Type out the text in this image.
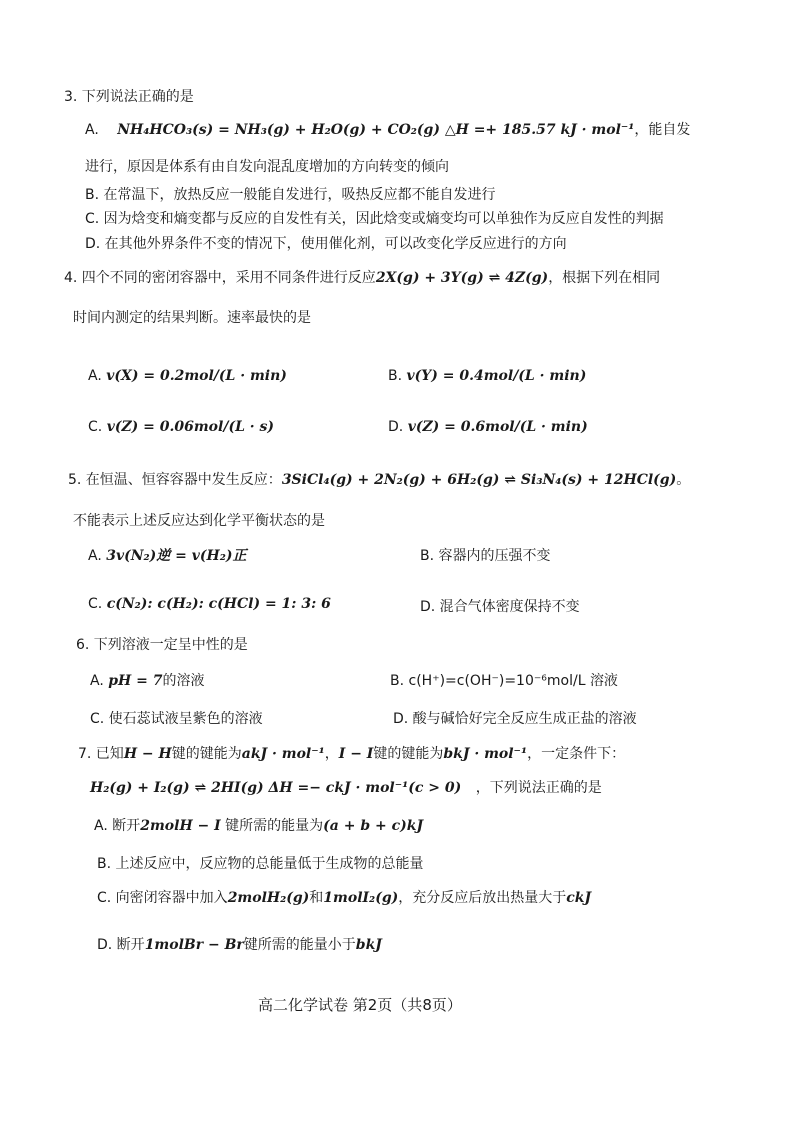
3. 下列说法正确的是
A. NH₄HCO₃(s) = NH₃(g) + H₂O(g) + CO₂(g) △H =+ 185.57 kJ · mol⁻¹，能自发
进行，原因是体系有由自发向混乱度增加的方向转变的倾向
B. 在常温下，放热反应一般能自发进行，吸热反应都不能自发进行
C. 因为焓变和熵变都与反应的自发性有关，因此焓变或熵变均可以单独作为反应自发性的判据
D. 在其他外界条件不变的情况下，使用催化剂，可以改变化学反应进行的方向
4. 四个不同的密闭容器中，采用不同条件进行反应2X(g) + 3Y(g) ⇌ 4Z(g)，根据下列在相同
时间内测定的结果判断。速率最快的是
A. v(X) = 0.2mol/(L · min)	B. v(Y) = 0.4mol/(L · min)
C. v(Z) = 0.06mol/(L · s)	D. v(Z) = 0.6mol/(L · min)
5. 在恒温、恒容容器中发生反应：3SiCl₄(g) + 2N₂(g) + 6H₂(g) ⇌ Si₃N₄(s) + 12HCl(g)。
不能表示上述反应达到化学平衡状态的是
A. 3v(N₂)逆 = v(H₂)正	B. 容器内的压强不变
C. c(N₂): c(H₂): c(HCl) = 1: 3: 6	D. 混合气体密度保持不变
6. 下列溶液一定呈中性的是
A. pH = 7的溶液	B. c(H⁺)=c(OH⁻)=10⁻⁶mol/L 溶液
C. 使石蕊试液呈紫色的溶液	D. 酸与碱恰好完全反应生成正盐的溶液
7. 已知H − H键的键能为akJ · mol⁻¹，I − I键的键能为bkJ · mol⁻¹，一定条件下：
H₂(g) + I₂(g) ⇌ 2HI(g) ΔH =− ckJ · mol⁻¹(c > 0) ，下列说法正确的是
A. 断开2molH − I 键所需的能量为(a + b + c)kJ
B. 上述反应中，反应物的总能量低于生成物的总能量
C. 向密闭容器中加入2molH₂(g)和1molI₂(g)，充分反应后放出热量大于ckJ
D. 断开1molBr − Br键所需的能量小于bkJ
高二化学试卷 第2页（共8页）
